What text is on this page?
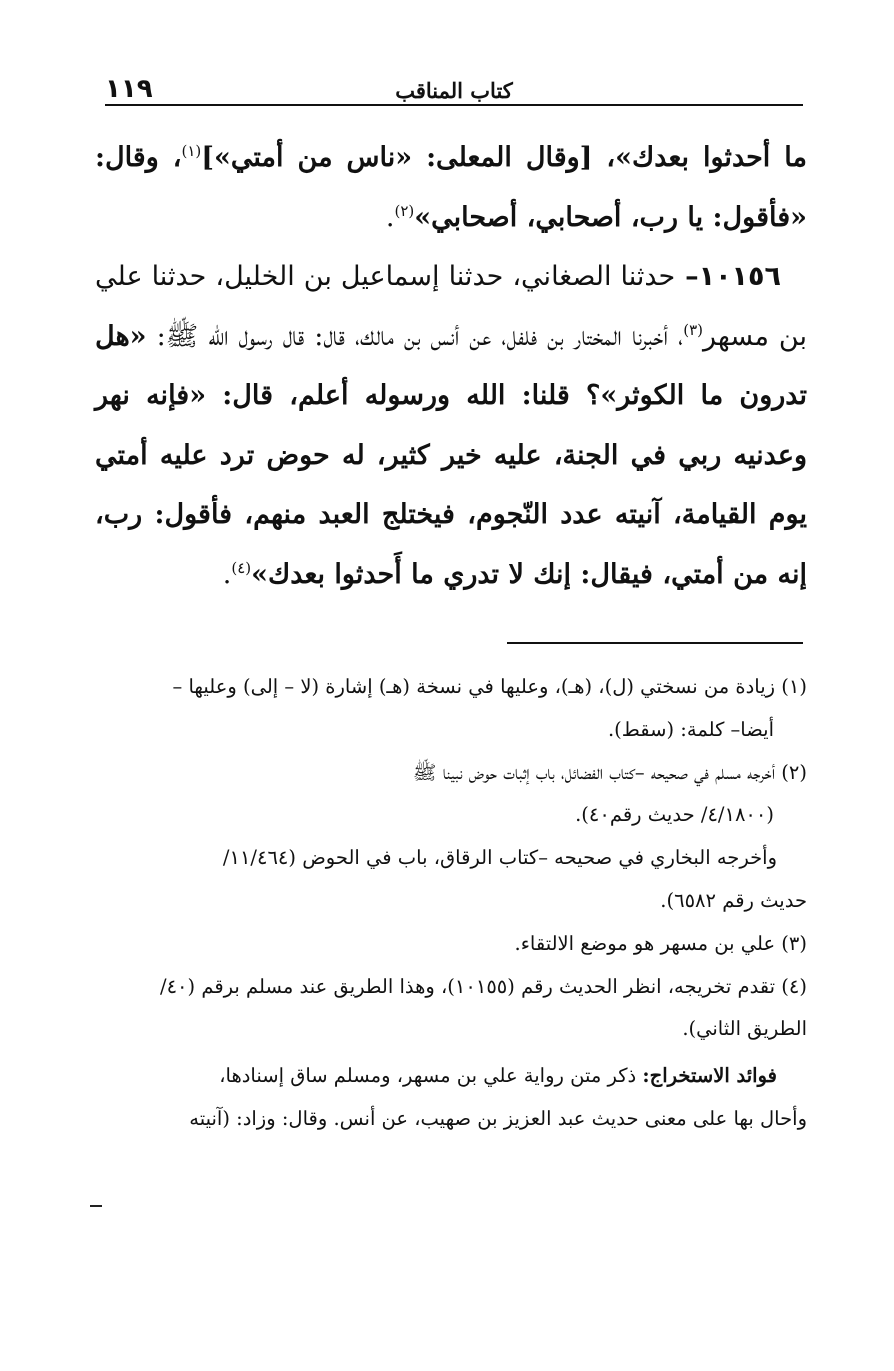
كتاب المناقب
١١٩

ما أحدثوا بعدك»، [وقال المعلى: «ناس من أمتي»]$^{(١)}$، وقال: «فأقول: يا رب، أصحابي، أصحابي»$^{(٢)}$.

١٠١٥٦– حدثنا الصغاني، حدثنا إسماعيل بن الخليل، حدثنا علي بن مسهر$^{(٣)}$، أخبرنا المختار بن فلفل، عن أنس بن مالك، قال: قال رسول الله ﷺ: «هل تدرون ما الكوثر»؟ قلنا: الله ورسوله أعلم، قال: «فإنه نهر وعدنيه ربي في الجنة، عليه خير كثير، له حوض ترد عليه أمتي يوم القيامة، آنيته عدد النّجوم، فيختلج العبد منهم، فأقول: رب، إنه من أمتي، فيقال: إنك لا تدري ما أَحدثوا بعدك»$^{(٤)}$.

(١) زيادة من نسختي (ل)، (هـ)، وعليها في نسخة (هـ) إشارة (لا – إلى) وعليها –

أيضا– كلمة: (سقط).

(٢) أخرجه مسلم في صحيحه –كتاب الفضائل، باب إثبات حوض نبينا ﷺ

(٤/١٨٠٠/ حديث رقم٤٠).

وأخرجه البخاري في صحيحه –كتاب الرقاق، باب في الحوض (١١/٤٦٤/

حديث رقم ٦٥٨٢).

(٣) علي بن مسهر هو موضع الالتقاء.

(٤) تقدم تخريجه، انظر الحديث رقم (١٠١٥٥)، وهذا الطريق عند مسلم برقم (٤٠/

الطريق الثاني).

فوائد الاستخراج: ذكر متن رواية علي بن مسهر، ومسلم ساق إسنادها،

وأحال بها على معنى حديث عبد العزيز بن صهيب، عن أنس. وقال: وزاد: (آنيته
